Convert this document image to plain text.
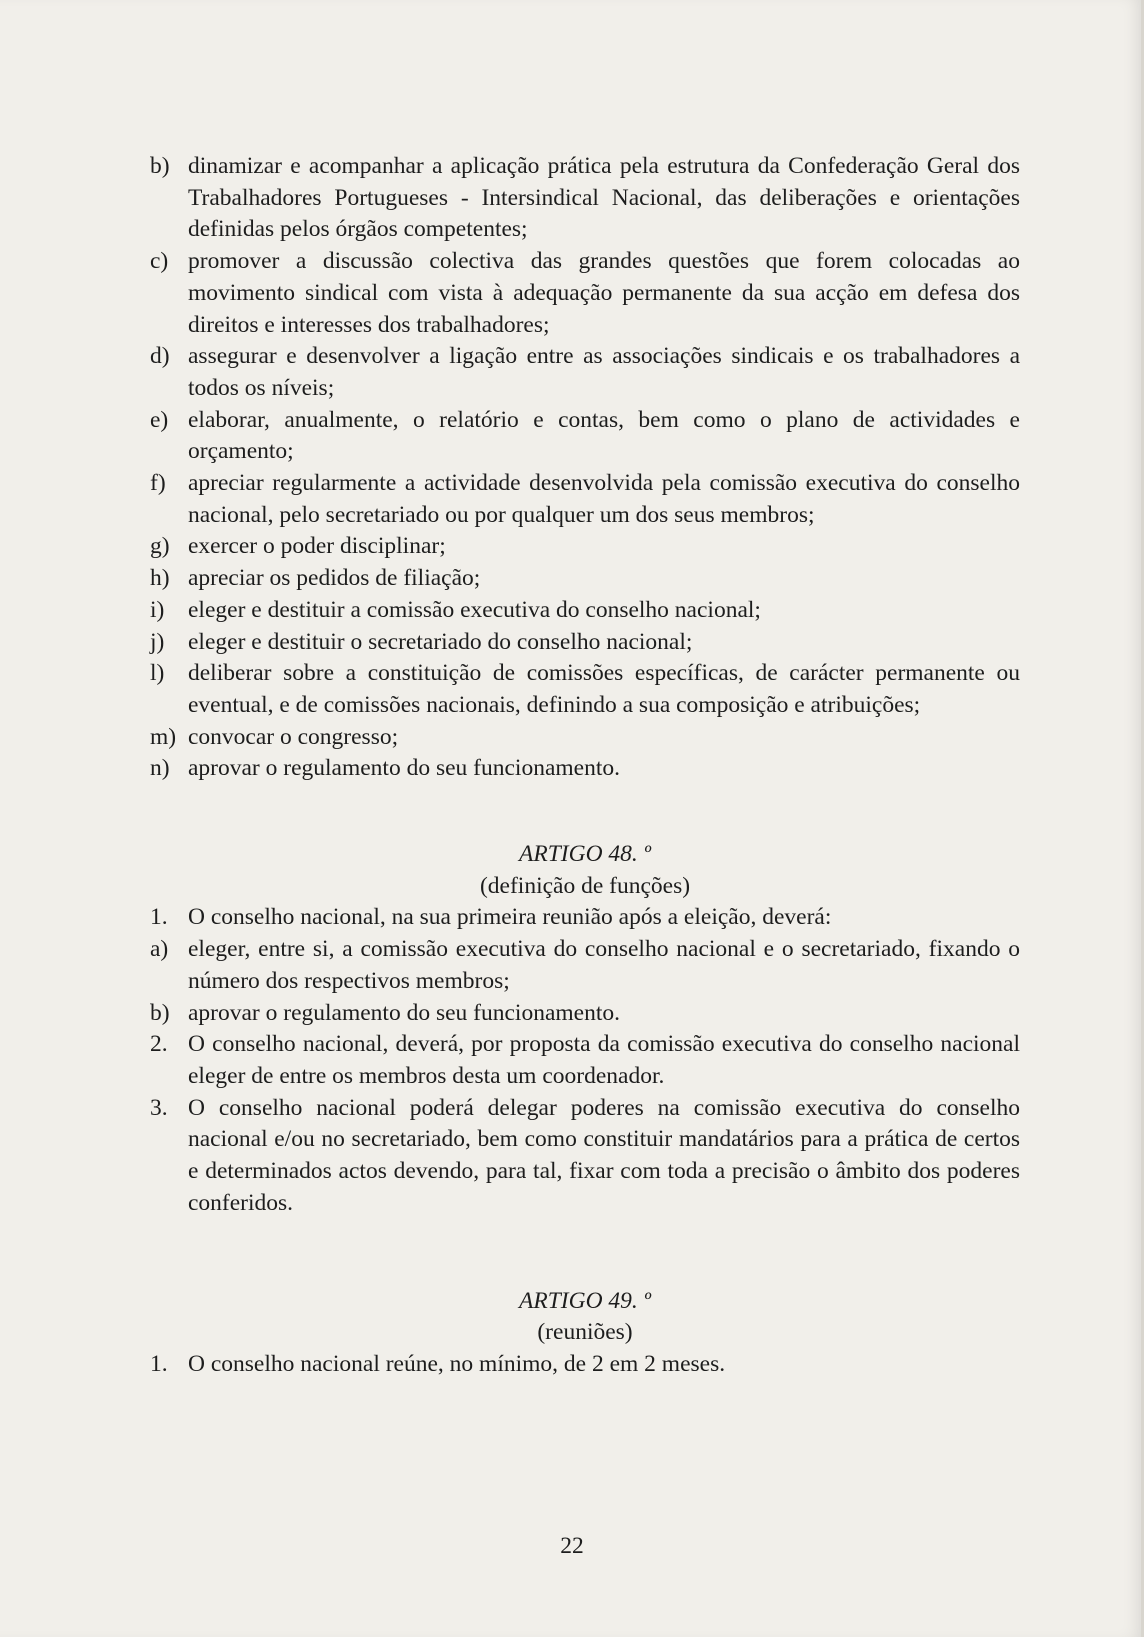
b) dinamizar e acompanhar a aplicação prática pela estrutura da Confederação Geral dos Trabalhadores Portugueses - Intersindical Nacional, das deliberações e orientações definidas pelos órgãos competentes;
c) promover a discussão colectiva das grandes questões que forem colocadas ao movimento sindical com vista à adequação permanente da sua acção em defesa dos direitos e interesses dos trabalhadores;
d) assegurar e desenvolver a ligação entre as associações sindicais e os trabalhadores a todos os níveis;
e) elaborar, anualmente, o relatório e contas, bem como o plano de actividades e orçamento;
f) apreciar regularmente a actividade desenvolvida pela comissão executiva do conselho nacional, pelo secretariado ou por qualquer um dos seus membros;
g) exercer o poder disciplinar;
h) apreciar os pedidos de filiação;
i)	eleger e destituir a comissão executiva do conselho nacional;
j)	eleger e destituir o secretariado do conselho nacional;
l)	deliberar sobre a constituição de comissões específicas, de carácter permanente ou eventual, e de comissões nacionais, definindo a sua composição e atribuições;
m) convocar o congresso;
n) aprovar o regulamento do seu funcionamento.
ARTIGO 48. º
(definição de funções)
1. O conselho nacional, na sua primeira reunião após a eleição, deverá:
a) eleger, entre si, a comissão executiva do conselho nacional e o secretariado, fixando o número dos respectivos membros;
b) aprovar o regulamento do seu funcionamento.
2. O conselho nacional, deverá, por proposta da comissão executiva do conselho nacional eleger de entre os membros desta um coordenador.
3. O conselho nacional poderá delegar poderes na comissão executiva do conselho nacional e/ou no secretariado, bem como constituir mandatários para a prática de certos e determinados actos devendo, para tal, fixar com toda a precisão o âmbito dos poderes conferidos.
ARTIGO 49. º
(reuniões)
1. O conselho nacional reúne, no mínimo, de 2 em 2 meses.
22
